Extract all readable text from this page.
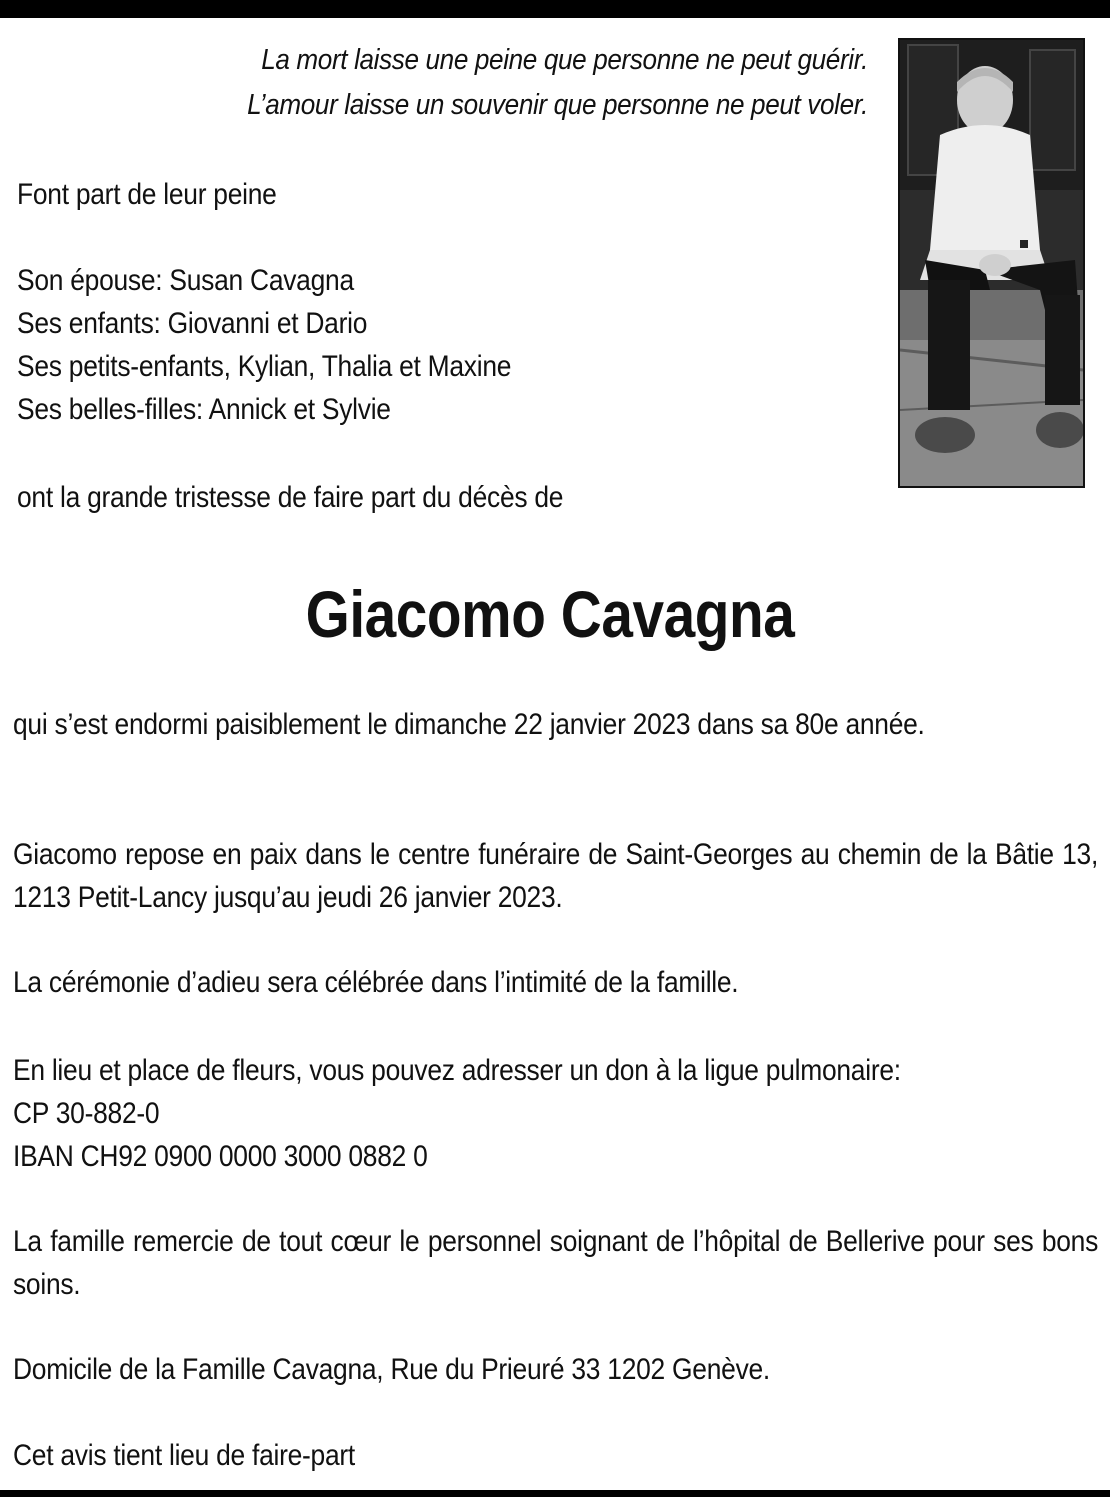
La mort laisse une peine que personne ne peut guérir.
L’amour laisse un souvenir que personne ne peut voler.
Font part de leur peine
Son épouse: Susan Cavagna
Ses enfants: Giovanni et Dario
Ses petits-enfants, Kylian, Thalia et Maxine
Ses belles-filles: Annick et Sylvie
ont la grande tristesse de faire part du décès de
Giacomo Cavagna
qui s’est endormi paisiblement le dimanche 22 janvier 2023 dans sa 80e année.
Giacomo repose en paix dans le centre funéraire de Saint-Georges au chemin de la Bâtie 13, 1213 Petit-Lancy jusqu’au jeudi 26 janvier 2023.
La cérémonie d’adieu sera célébrée dans l’intimité de la famille.
En lieu et place de fleurs, vous pouvez adresser un don à la ligue pulmonaire:
CP 30-882-0
IBAN CH92 0900 0000 3000 0882 0
La famille remercie de tout cœur le personnel soignant de l’hôpital de Bellerive pour ses bons soins.
Domicile de la Famille Cavagna, Rue du Prieuré 33 1202 Genève.
Cet avis tient lieu de faire-part
